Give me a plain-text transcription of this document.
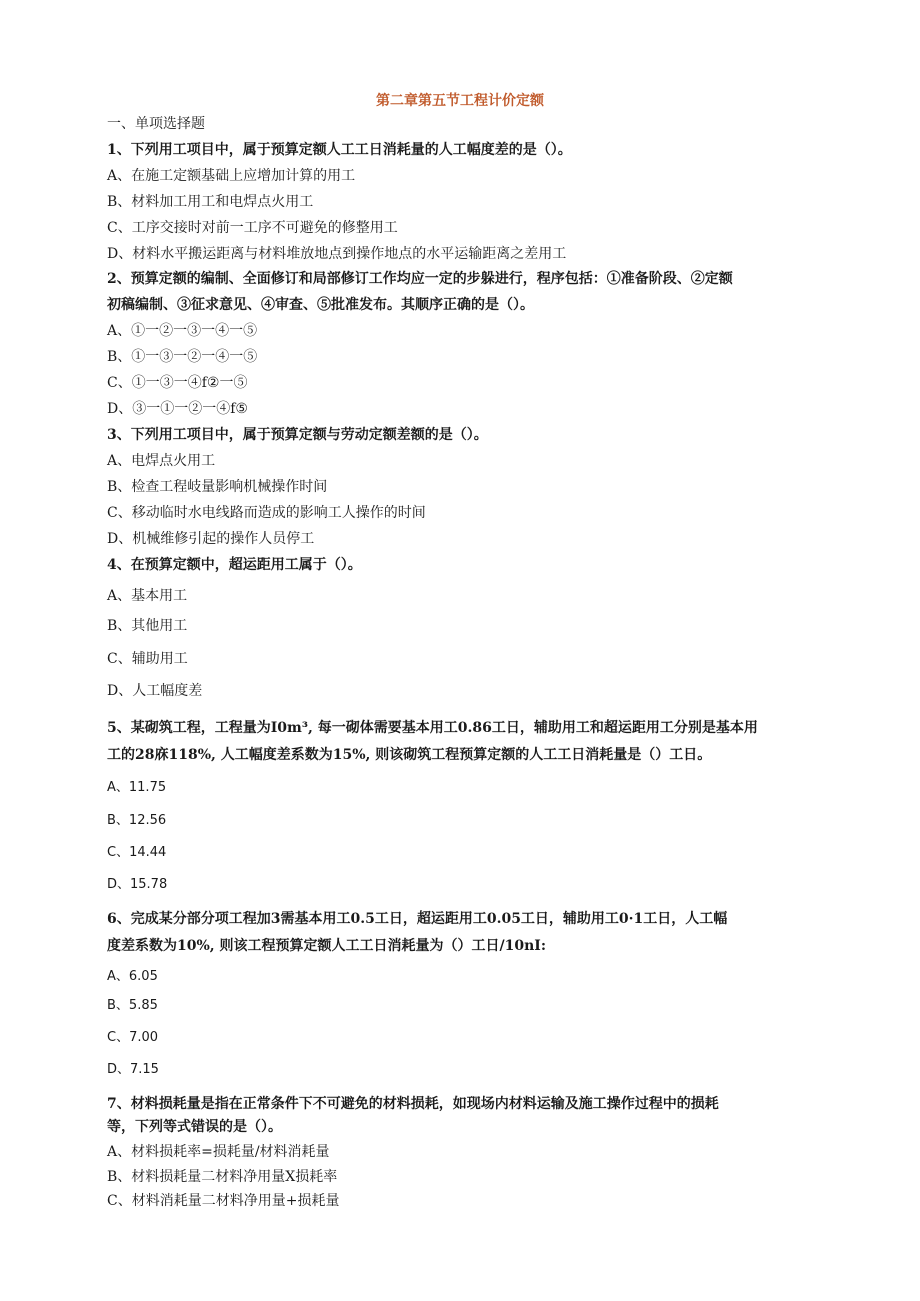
第二章第五节工程计价定额
一、单项选择题
1、下列用工项目中，属于预算定额人工工日消耗量的人工幅度差的是（）。
A、在施工定额基础上应增加计算的用工
B、材料加工用工和电焊点火用工
C、工序交接时对前一工序不可避免的修整用工
D、材料水平搬运距离与材料堆放地点到操作地点的水平运输距离之差用工
2、预算定额的编制、全面修订和局部修订工作均应一定的步躲进行，程序包括：①准备阶段、②定额
初稿编制、③征求意见、④审查、⑤批准发布。其顺序正确的是（）。
A、①一②一③一④一⑤
B、①一③一②一④一⑤
C、①一③一④f②一⑤
D、③一①一②一④f⑤
3、下列用工项目中，属于预算定额与劳动定额差额的是（）。
A、电焊点火用工
B、检查工程岐量影响机械操作时间
C、移动临时水电线路而造成的影响工人操作的时间
D、机械维修引起的操作人员停工
4、在预算定额中，超运距用工属于（）。
A、基本用工
B、其他用工
C、辅助用工
D、人工幅度差
5、某砌筑工程，工程量为I0m³, 每一砌体需要基本用工0.86工日，辅助用工和超运距用工分别是基本用
工的28庥118%, 人工幅度差系数为15%, 则该砌筑工程预算定额的人工工日消耗量是（）工日。
A、11.75
B、12.56
C、14.44
D、15.78
6、完成某分部分项工程加3需基本用工0.5工日，超运距用工0.05工日，辅助用工0·1工日，人工幅
度差系数为10%, 则该工程预算定额人工工日消耗量为（）工日/10nI:
A、6.05
B、5.85
C、7.00
D、7.15
7、材料损耗量是指在正常条件下不可避免的材料损耗，如现场内材料运输及施工操作过程中的损耗
等，下列等式错误的是（）。
A、材料损耗率=损耗量/材料消耗量
B、材料损耗量二材料净用量X损耗率
C、材料消耗量二材料净用量+损耗量
